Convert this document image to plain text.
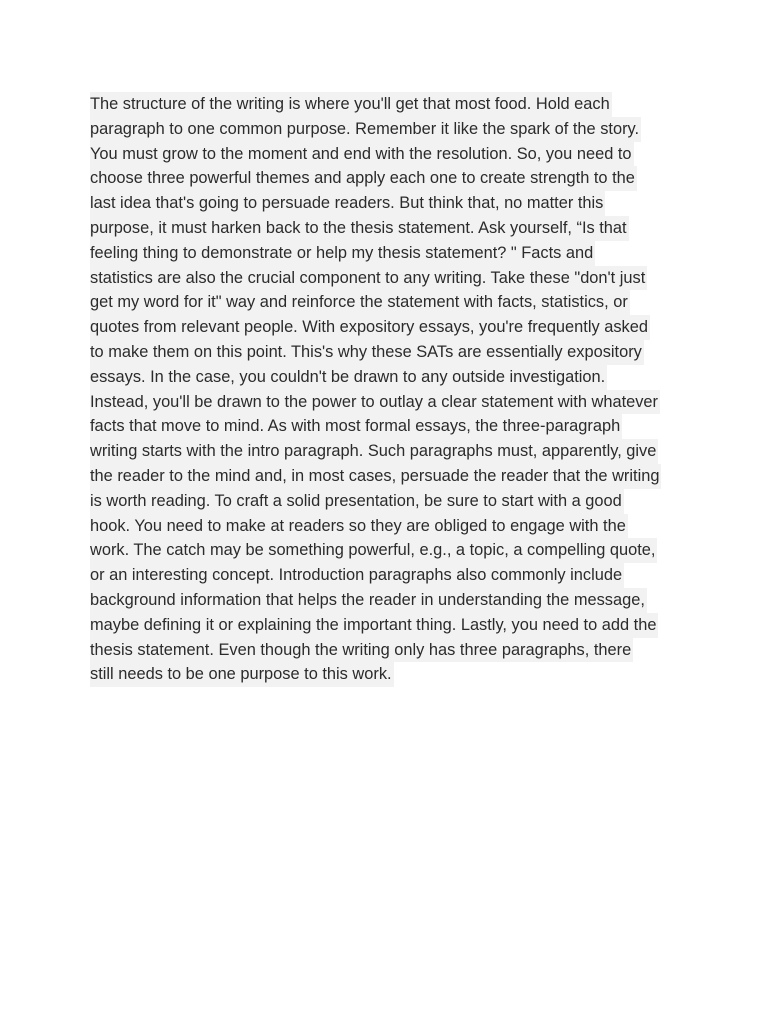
The structure of the writing is where you'll get that most food. Hold each
paragraph to one common purpose. Remember it like the spark of the story.
You must grow to the moment and end with the resolution. So, you need to
choose three powerful themes and apply each one to create strength to the
last idea that's going to persuade readers. But think that, no matter this
purpose, it must harken back to the thesis statement. Ask yourself, “Is that
feeling thing to demonstrate or help my thesis statement? " Facts and
statistics are also the crucial component to any writing. Take these "don't just
get my word for it" way and reinforce the statement with facts, statistics, or
quotes from relevant people. With expository essays, you're frequently asked
to make them on this point. This's why these SATs are essentially expository
essays. In the case, you couldn't be drawn to any outside investigation.
Instead, you'll be drawn to the power to outlay a clear statement with whatever
facts that move to mind. As with most formal essays, the three-paragraph
writing starts with the intro paragraph. Such paragraphs must, apparently, give
the reader to the mind and, in most cases, persuade the reader that the writing
is worth reading. To craft a solid presentation, be sure to start with a good
hook. You need to make at readers so they are obliged to engage with the
work. The catch may be something powerful, e.g., a topic, a compelling quote,
or an interesting concept. Introduction paragraphs also commonly include
background information that helps the reader in understanding the message,
maybe defining it or explaining the important thing. Lastly, you need to add the
thesis statement. Even though the writing only has three paragraphs, there
still needs to be one purpose to this work.
